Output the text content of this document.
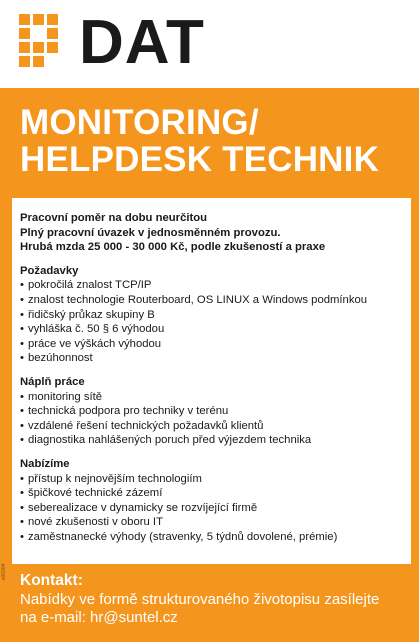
DAT
MONITORING/
HELPDESK TECHNIK
Pracovní poměr na dobu neurčitou
Plný pracovní úvazek v jednosměnném provozu.
Hrubá mzda 25 000 - 30 000 Kč, podle zkušeností a praxe
Požadavky
• pokročilá znalost TCP/IP
• znalost technologie Routerboard, OS LINUX a Windows podmínkou
• řidičský průkaz skupiny B
• vyhláška č. 50 § 6 výhodou
• práce ve výškách výhodou
• bezúhonnost
Náplň práce
• monitoring sítě
• technická podpora pro techniky v terénu
• vzdálené řešení technických požadavků klientů
• diagnostika nahlášených poruch před výjezdem technika
Nabízíme
• přístup k nejnovějším technologiím
• špičkové technické zázemí
• seberealizace v dynamicky se rozvíjející firmě
• nové zkušenosti v oboru IT
• zaměstnanecké výhody (stravenky, 5 týdnů dovolené, prémie)
Kontakt:
Nabídky ve formě strukturovaného životopisu zasílejte
na e-mail: hr@suntel.cz
s00304
